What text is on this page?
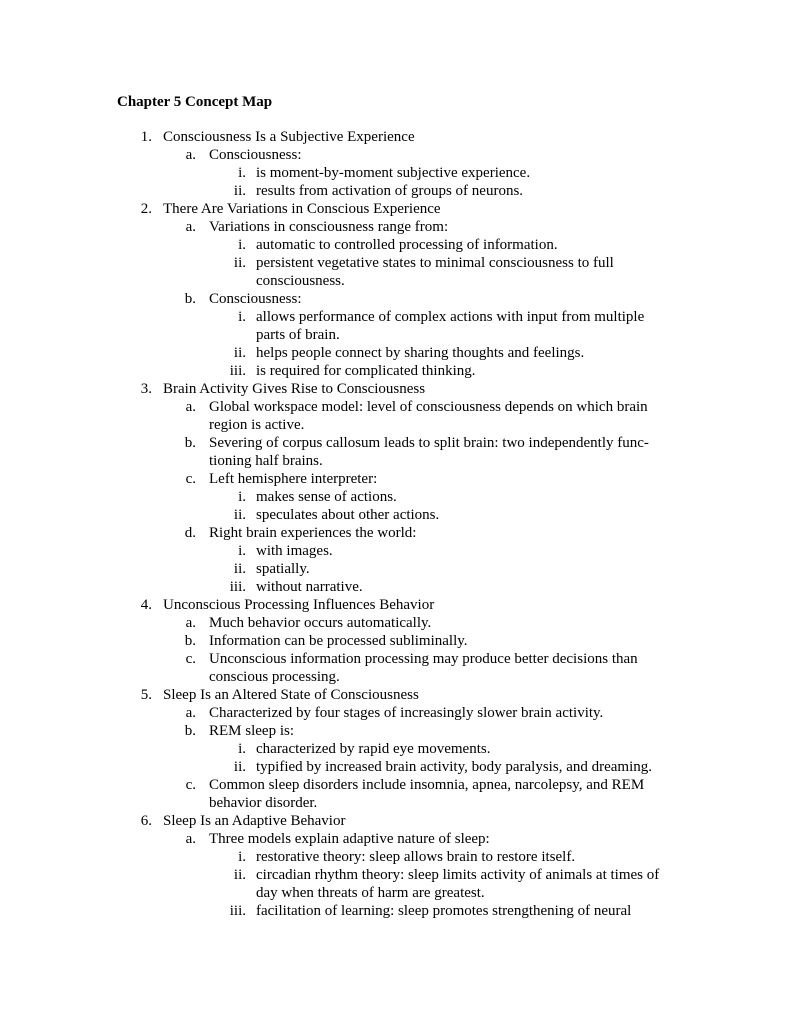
Chapter 5 Concept Map
1. Consciousness Is a Subjective Experience
a. Consciousness:
i. is moment-by-moment subjective experience.
ii. results from activation of groups of neurons.
2. There Are Variations in Conscious Experience
a. Variations in consciousness range from:
i. automatic to controlled processing of information.
ii. persistent vegetative states to minimal consciousness to full
consciousness.
b. Consciousness:
i. allows performance of complex actions with input from multiple
parts of brain.
ii. helps people connect by sharing thoughts and feelings.
iii. is required for complicated thinking.
3. Brain Activity Gives Rise to Consciousness
a. Global workspace model: level of consciousness depends on which brain
region is active.
b. Severing of corpus callosum leads to split brain: two independently func-
tioning half brains.
c. Left hemisphere interpreter:
i. makes sense of actions.
ii. speculates about other actions.
d. Right brain experiences the world:
i. with images.
ii. spatially.
iii. without narrative.
4. Unconscious Processing Influences Behavior
a. Much behavior occurs automatically.
b. Information can be processed subliminally.
c. Unconscious information processing may produce better decisions than
conscious processing.
5. Sleep Is an Altered State of Consciousness
a. Characterized by four stages of increasingly slower brain activity.
b. REM sleep is:
i. characterized by rapid eye movements.
ii. typified by increased brain activity, body paralysis, and dreaming.
c. Common sleep disorders include insomnia, apnea, narcolepsy, and REM
behavior disorder.
6. Sleep Is an Adaptive Behavior
a. Three models explain adaptive nature of sleep:
i. restorative theory: sleep allows brain to restore itself.
ii. circadian rhythm theory: sleep limits activity of animals at times of
day when threats of harm are greatest.
iii. facilitation of learning: sleep promotes strengthening of neural
